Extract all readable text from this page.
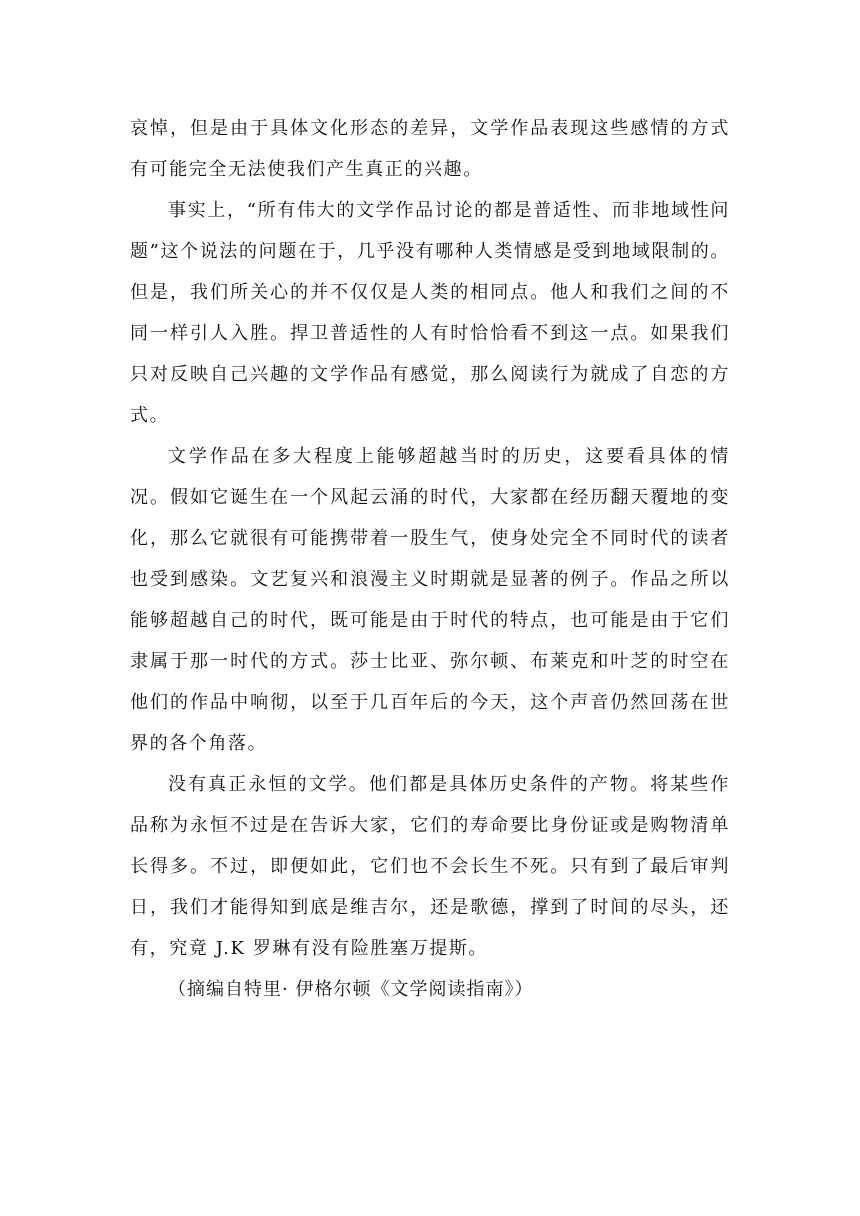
哀悼，但是由于具体文化形态的差异，文学作品表现这些感情的方式有可能完全无法使我们产生真正的兴趣。

事实上，“所有伟大的文学作品讨论的都是普适性、而非地域性问题”这个说法的问题在于，几乎没有哪种人类情感是受到地域限制的。但是，我们所关心的并不仅仅是人类的相同点。他人和我们之间的不同一样引人入胜。捍卫普适性的人有时恰恰看不到这一点。如果我们只对反映自己兴趣的文学作品有感觉，那么阅读行为就成了自恋的方式。

文学作品在多大程度上能够超越当时的历史，这要看具体的情况。假如它诞生在一个风起云涌的时代，大家都在经历翻天覆地的变化，那么它就很有可能携带着一股生气，使身处完全不同时代的读者也受到感染。文艺复兴和浪漫主义时期就是显著的例子。作品之所以能够超越自己的时代，既可能是由于时代的特点，也可能是由于它们隶属于那一时代的方式。莎士比亚、弥尔顿、布莱克和叶芝的时空在他们的作品中响彻，以至于几百年后的今天，这个声音仍然回荡在世界的各个角落。

没有真正永恒的文学。他们都是具体历史条件的产物。将某些作品称为永恒不过是在告诉大家，它们的寿命要比身份证或是购物清单长得多。不过，即便如此，它们也不会长生不死。只有到了最后审判日，我们才能得知到底是维吉尔，还是歌德，撑到了时间的尽头，还有，究竟 J.K 罗琳有没有险胜塞万提斯。

（摘编自特里· 伊格尔顿《文学阅读指南》）
